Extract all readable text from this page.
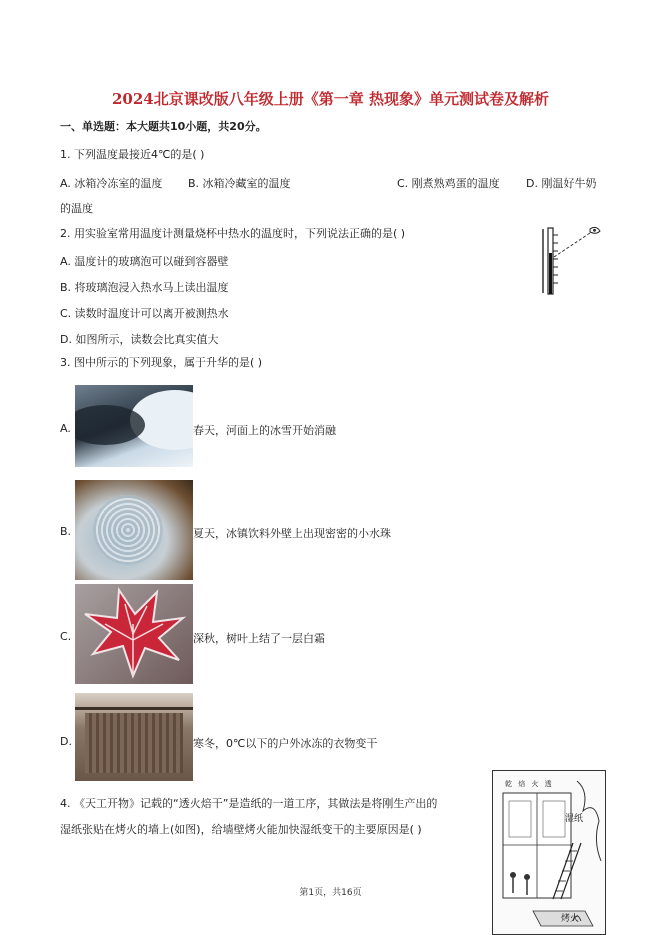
2024北京课改版八年级上册《第一章 热现象》单元测试卷及解析
一、单选题：本大题共10小题，共20分。
1. 下列温度最接近4℃的是( )
A. 冰箱冷冻室的温度 B. 冰箱冷藏室的温度	C. 刚煮熟鸡蛋的温度 D. 刚温好牛奶
的温度
2. 用实验室常用温度计测量烧杯中热水的温度时，下列说法正确的是( )
A. 温度计的玻璃泡可以碰到容器壁
B. 将玻璃泡浸入热水马上读出温度
C. 读数时温度计可以离开被测热水
D. 如图所示，读数会比真实值大
3. 图中所示的下列现象，属于升华的是( )
A.	春天，河面上的冰雪开始消融
B.	夏天，冰镇饮料外壁上出现密密的小水珠
C.	深秋，树叶上结了一层白霜
D.	寒冬，0℃以下的户外冰冻的衣物变干
4. 《天工开物》记载的“透火焙干”是造纸的一道工序，其做法是将刚生产出的
湿纸张贴在烤火的墙上(如图)，给墙壁烤火能加快湿纸变干的主要原因是( )
乾 焙 火 透
湿纸
烤火
第1页，共16页
